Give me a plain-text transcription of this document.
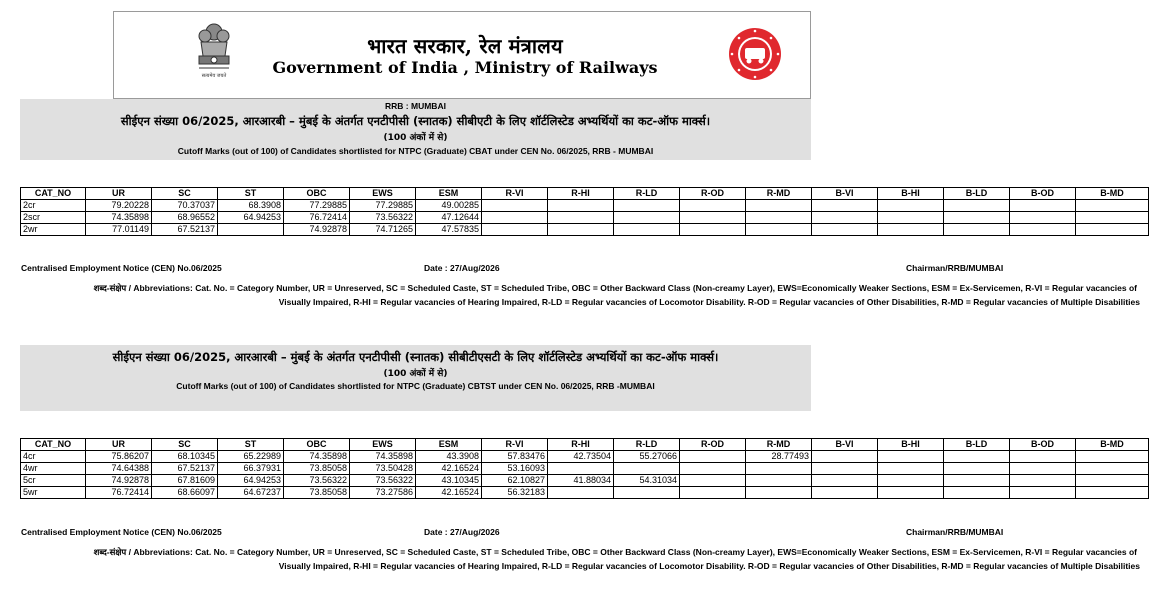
सत्यमेव जयते
भारत सरकार, रेल मंत्रालय
Government of India , Ministry of Railways
RRB : MUMBAI
सीईएन संख्या 06/2025, आरआरबी – मुंबई के अंतर्गत एनटीपीसी (स्नातक) सीबीएटी के लिए शॉर्टलिस्टेड अभ्यर्थियों का कट-ऑफ मार्क्स।
(100 अंकों में से)
Cutoff Marks (out of 100) of Candidates shortlisted for NTPC (Graduate) CBAT under CEN No. 06/2025, RRB - MUMBAI
CAT_NO	UR	SC	ST	OBC	EWS	ESM	R-VI	R-HI	R-LD	R-OD	R-MD	B-VI	B-HI	B-LD	B-OD	B-MD
2cr	79.20228	70.37037	68.3908	77.29885	77.29885	49.00285										
2scr	74.35898	68.96552	64.94253	76.72414	73.56322	47.12644										
2wr	77.01149	67.52137		74.92878	74.71265	47.57835										
Centralised Employment Notice (CEN) No.06/2025	Date : 27/Aug/2026	Chairman/RRB/MUMBAI
शब्द-संक्षेप / Abbreviations: Cat. No. = Category Number, UR = Unreserved, SC = Scheduled Caste, ST = Scheduled Tribe, OBC = Other Backward Class (Non-creamy Layer), EWS=Economically Weaker Sections, ESM = Ex-Servicemen, R-VI = Regular vacancies of
Visually Impaired, R-HI = Regular vacancies of Hearing Impaired, R-LD = Regular vacancies of Locomotor Disability. R-OD = Regular vacancies of Other Disabilities, R-MD = Regular vacancies of Multiple Disabilities
सीईएन संख्या 06/2025, आरआरबी – मुंबई के अंतर्गत एनटीपीसी (स्नातक) सीबीटीएसटी के लिए शॉर्टलिस्टेड अभ्यर्थियों का कट-ऑफ मार्क्स।
(100 अंकों में से)
Cutoff Marks (out of 100) of Candidates shortlisted for NTPC (Graduate) CBTST under CEN No. 06/2025, RRB -MUMBAI
CAT_NO	UR	SC	ST	OBC	EWS	ESM	R-VI	R-HI	R-LD	R-OD	R-MD	B-VI	B-HI	B-LD	B-OD	B-MD
4cr	75.86207	68.10345	65.22989	74.35898	74.35898	43.3908	57.83476	42.73504	55.27066		28.77493					
4wr	74.64388	67.52137	66.37931	73.85058	73.50428	42.16524	53.16093									
5cr	74.92878	67.81609	64.94253	73.56322	73.56322	43.10345	62.10827	41.88034	54.31034							
5wr	76.72414	68.66097	64.67237	73.85058	73.27586	42.16524	56.32183									
Centralised Employment Notice (CEN) No.06/2025	Date : 27/Aug/2026	Chairman/RRB/MUMBAI
शब्द-संक्षेप / Abbreviations: Cat. No. = Category Number, UR = Unreserved, SC = Scheduled Caste, ST = Scheduled Tribe, OBC = Other Backward Class (Non-creamy Layer), EWS=Economically Weaker Sections, ESM = Ex-Servicemen, R-VI = Regular vacancies of
Visually Impaired, R-HI = Regular vacancies of Hearing Impaired, R-LD = Regular vacancies of Locomotor Disability. R-OD = Regular vacancies of Other Disabilities, R-MD = Regular vacancies of Multiple Disabilities
